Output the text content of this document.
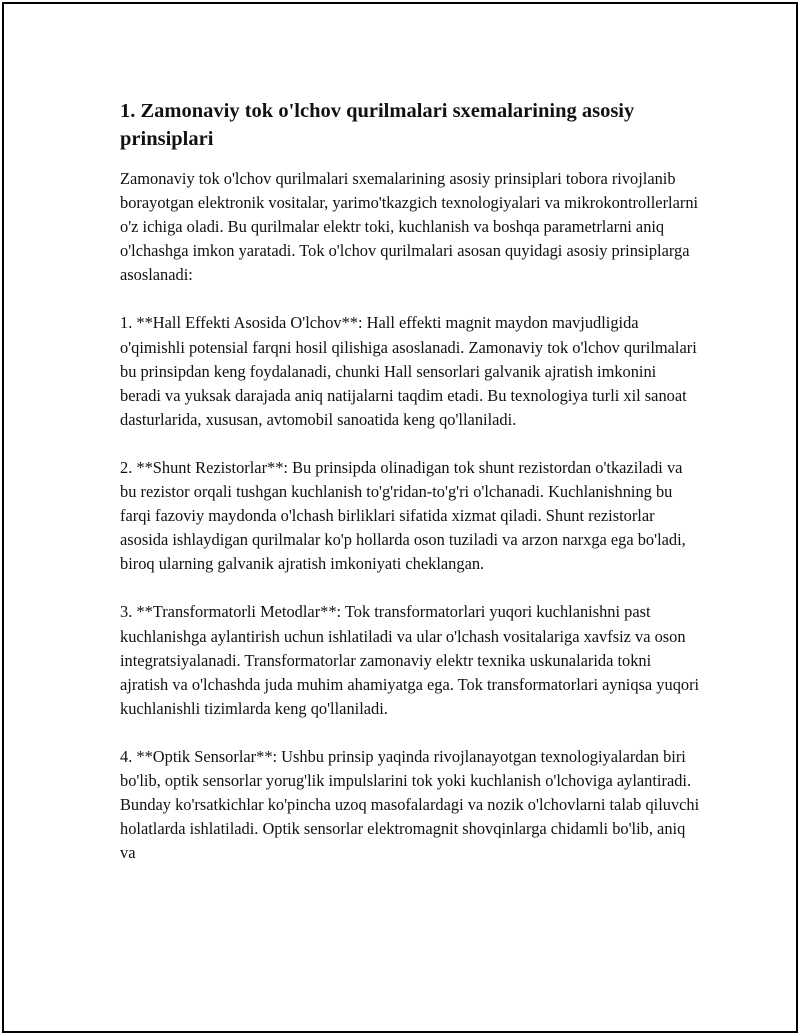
1. Zamonaviy tok o'lchov qurilmalari sxemalarining asosiy prinsiplari

Zamonaviy tok o'lchov qurilmalari sxemalarining asosiy prinsiplari tobora rivojlanib borayotgan elektronik vositalar, yarimo'tkazgich texnologiyalari va mikrokontrollerlarni o'z ichiga oladi. Bu qurilmalar elektr toki, kuchlanish va boshqa parametrlarni aniq o'lchashga imkon yaratadi. Tok o'lchov qurilmalari asosan quyidagi asosiy prinsiplarga asoslanadi:

1. **Hall Effekti Asosida O'lchov**: Hall effekti magnit maydon mavjudligida o'qimishli potensial farqni hosil qilishiga asoslanadi. Zamonaviy tok o'lchov qurilmalari bu prinsipdan keng foydalanadi, chunki Hall sensorlari galvanik ajratish imkonini beradi va yuksak darajada aniq natijalarni taqdim etadi. Bu texnologiya turli xil sanoat dasturlarida, xususan, avtomobil sanoatida keng qo'llaniladi.

2. **Shunt Rezistorlar**: Bu prinsipda olinadigan tok shunt rezistordan o'tkaziladi va bu rezistor orqali tushgan kuchlanish to'g'ridan-to'g'ri o'lchanadi. Kuchlanishning bu farqi fazoviy maydonda o'lchash birliklari sifatida xizmat qiladi. Shunt rezistorlar asosida ishlaydigan qurilmalar ko'p hollarda oson tuziladi va arzon narxga ega bo'ladi, biroq ularning galvanik ajratish imkoniyati cheklangan.

3. **Transformatorli Metodlar**: Tok transformatorlari yuqori kuchlanishni past kuchlanishga aylantirish uchun ishlatiladi va ular o'lchash vositalariga xavfsiz va oson integratsiyalanadi. Transformatorlar zamonaviy elektr texnika uskunalarida tokni ajratish va o'lchashda juda muhim ahamiyatga ega. Tok transformatorlari ayniqsa yuqori kuchlanishli tizimlarda keng qo'llaniladi.

4. **Optik Sensorlar**: Ushbu prinsip yaqinda rivojlanayotgan texnologiyalardan biri bo'lib, optik sensorlar yorug'lik impulslarini tok yoki kuchlanish o'lchoviga aylantiradi. Bunday ko'rsatkichlar ko'pincha uzoq masofalardagi va nozik o'lchovlarni talab qiluvchi holatlarda ishlatiladi. Optik sensorlar elektromagnit shovqinlarga chidamli bo'lib, aniq va
